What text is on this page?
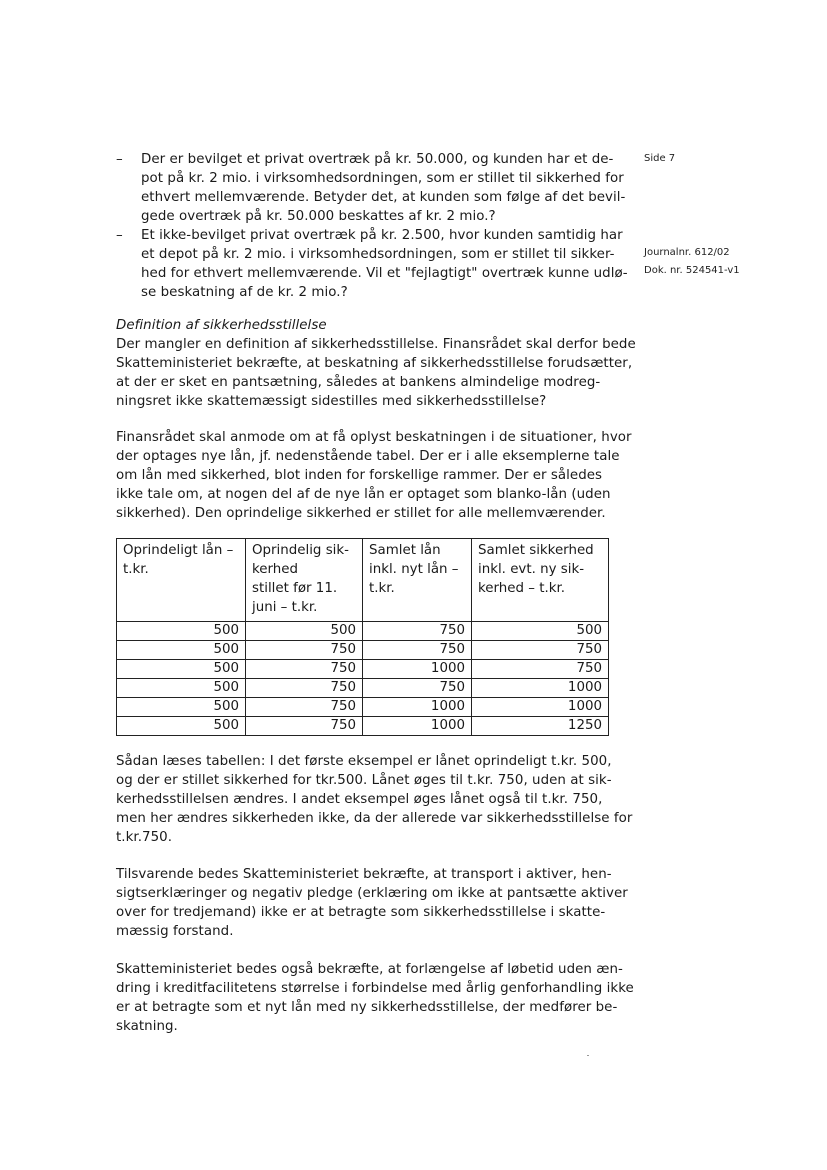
Side 7
Journalnr. 612/02
Dok. nr. 524541-v1
– Der er bevilget et privat overtræk på kr. 50.000, og kunden har et de-
pot på kr. 2 mio. i virksomhedsordningen, som er stillet til sikkerhed for
ethvert mellemværende. Betyder det, at kunden som følge af det bevil-
gede overtræk på kr. 50.000 beskattes af kr. 2 mio.?
– Et ikke-bevilget privat overtræk på kr. 2.500, hvor kunden samtidig har
et depot på kr. 2 mio. i virksomhedsordningen, som er stillet til sikker-
hed for ethvert mellemværende. Vil et "fejlagtigt" overtræk kunne udlø-
se beskatning af de kr. 2 mio.?
Definition af sikkerhedsstillelse
Der mangler en definition af sikkerhedsstillelse. Finansrådet skal derfor bede
Skatteministeriet bekræfte, at beskatning af sikkerhedsstillelse forudsætter,
at der er sket en pantsætning, således at bankens almindelige modreg-
ningsret ikke skattemæssigt sidestilles med sikkerhedsstillelse?
Finansrådet skal anmode om at få oplyst beskatningen i de situationer, hvor
der optages nye lån, jf. nedenstående tabel. Der er i alle eksemplerne tale
om lån med sikkerhed, blot inden for forskellige rammer. Der er således
ikke tale om, at nogen del af de nye lån er optaget som blanko-lån (uden
sikkerhed). Den oprindelige sikkerhed er stillet for alle mellemværender.
Oprindeligt lån –
t.kr.	Oprindelig sik-
kerhed
stillet før 11.
juni – t.kr.	Samlet lån
inkl. nyt lån –
t.kr.	Samlet sikkerhed
inkl. evt. ny sik-
kerhed – t.kr.

500	500	750	500
500	750	750	750
500	750	1000	750
500	750	750	1000
500	750	1000	1000
500	750	1000	1250
Sådan læses tabellen: I det første eksempel er lånet oprindeligt t.kr. 500,
og der er stillet sikkerhed for tkr.500. Lånet øges til t.kr. 750, uden at sik-
kerhedsstillelsen ændres. I andet eksempel øges lånet også til t.kr. 750,
men her ændres sikkerheden ikke, da der allerede var sikkerhedsstillelse for
t.kr.750.
Tilsvarende bedes Skatteministeriet bekræfte, at transport i aktiver, hen-
sigtserklæringer og negativ pledge (erklæring om ikke at pantsætte aktiver
over for tredjemand) ikke er at betragte som sikkerhedsstillelse i skatte-
mæssig forstand.
Skatteministeriet bedes også bekræfte, at forlængelse af løbetid uden æn-
dring i kreditfacilitetens størrelse i forbindelse med årlig genforhandling ikke
er at betragte som et nyt lån med ny sikkerhedsstillelse, der medfører be-
skatning.
